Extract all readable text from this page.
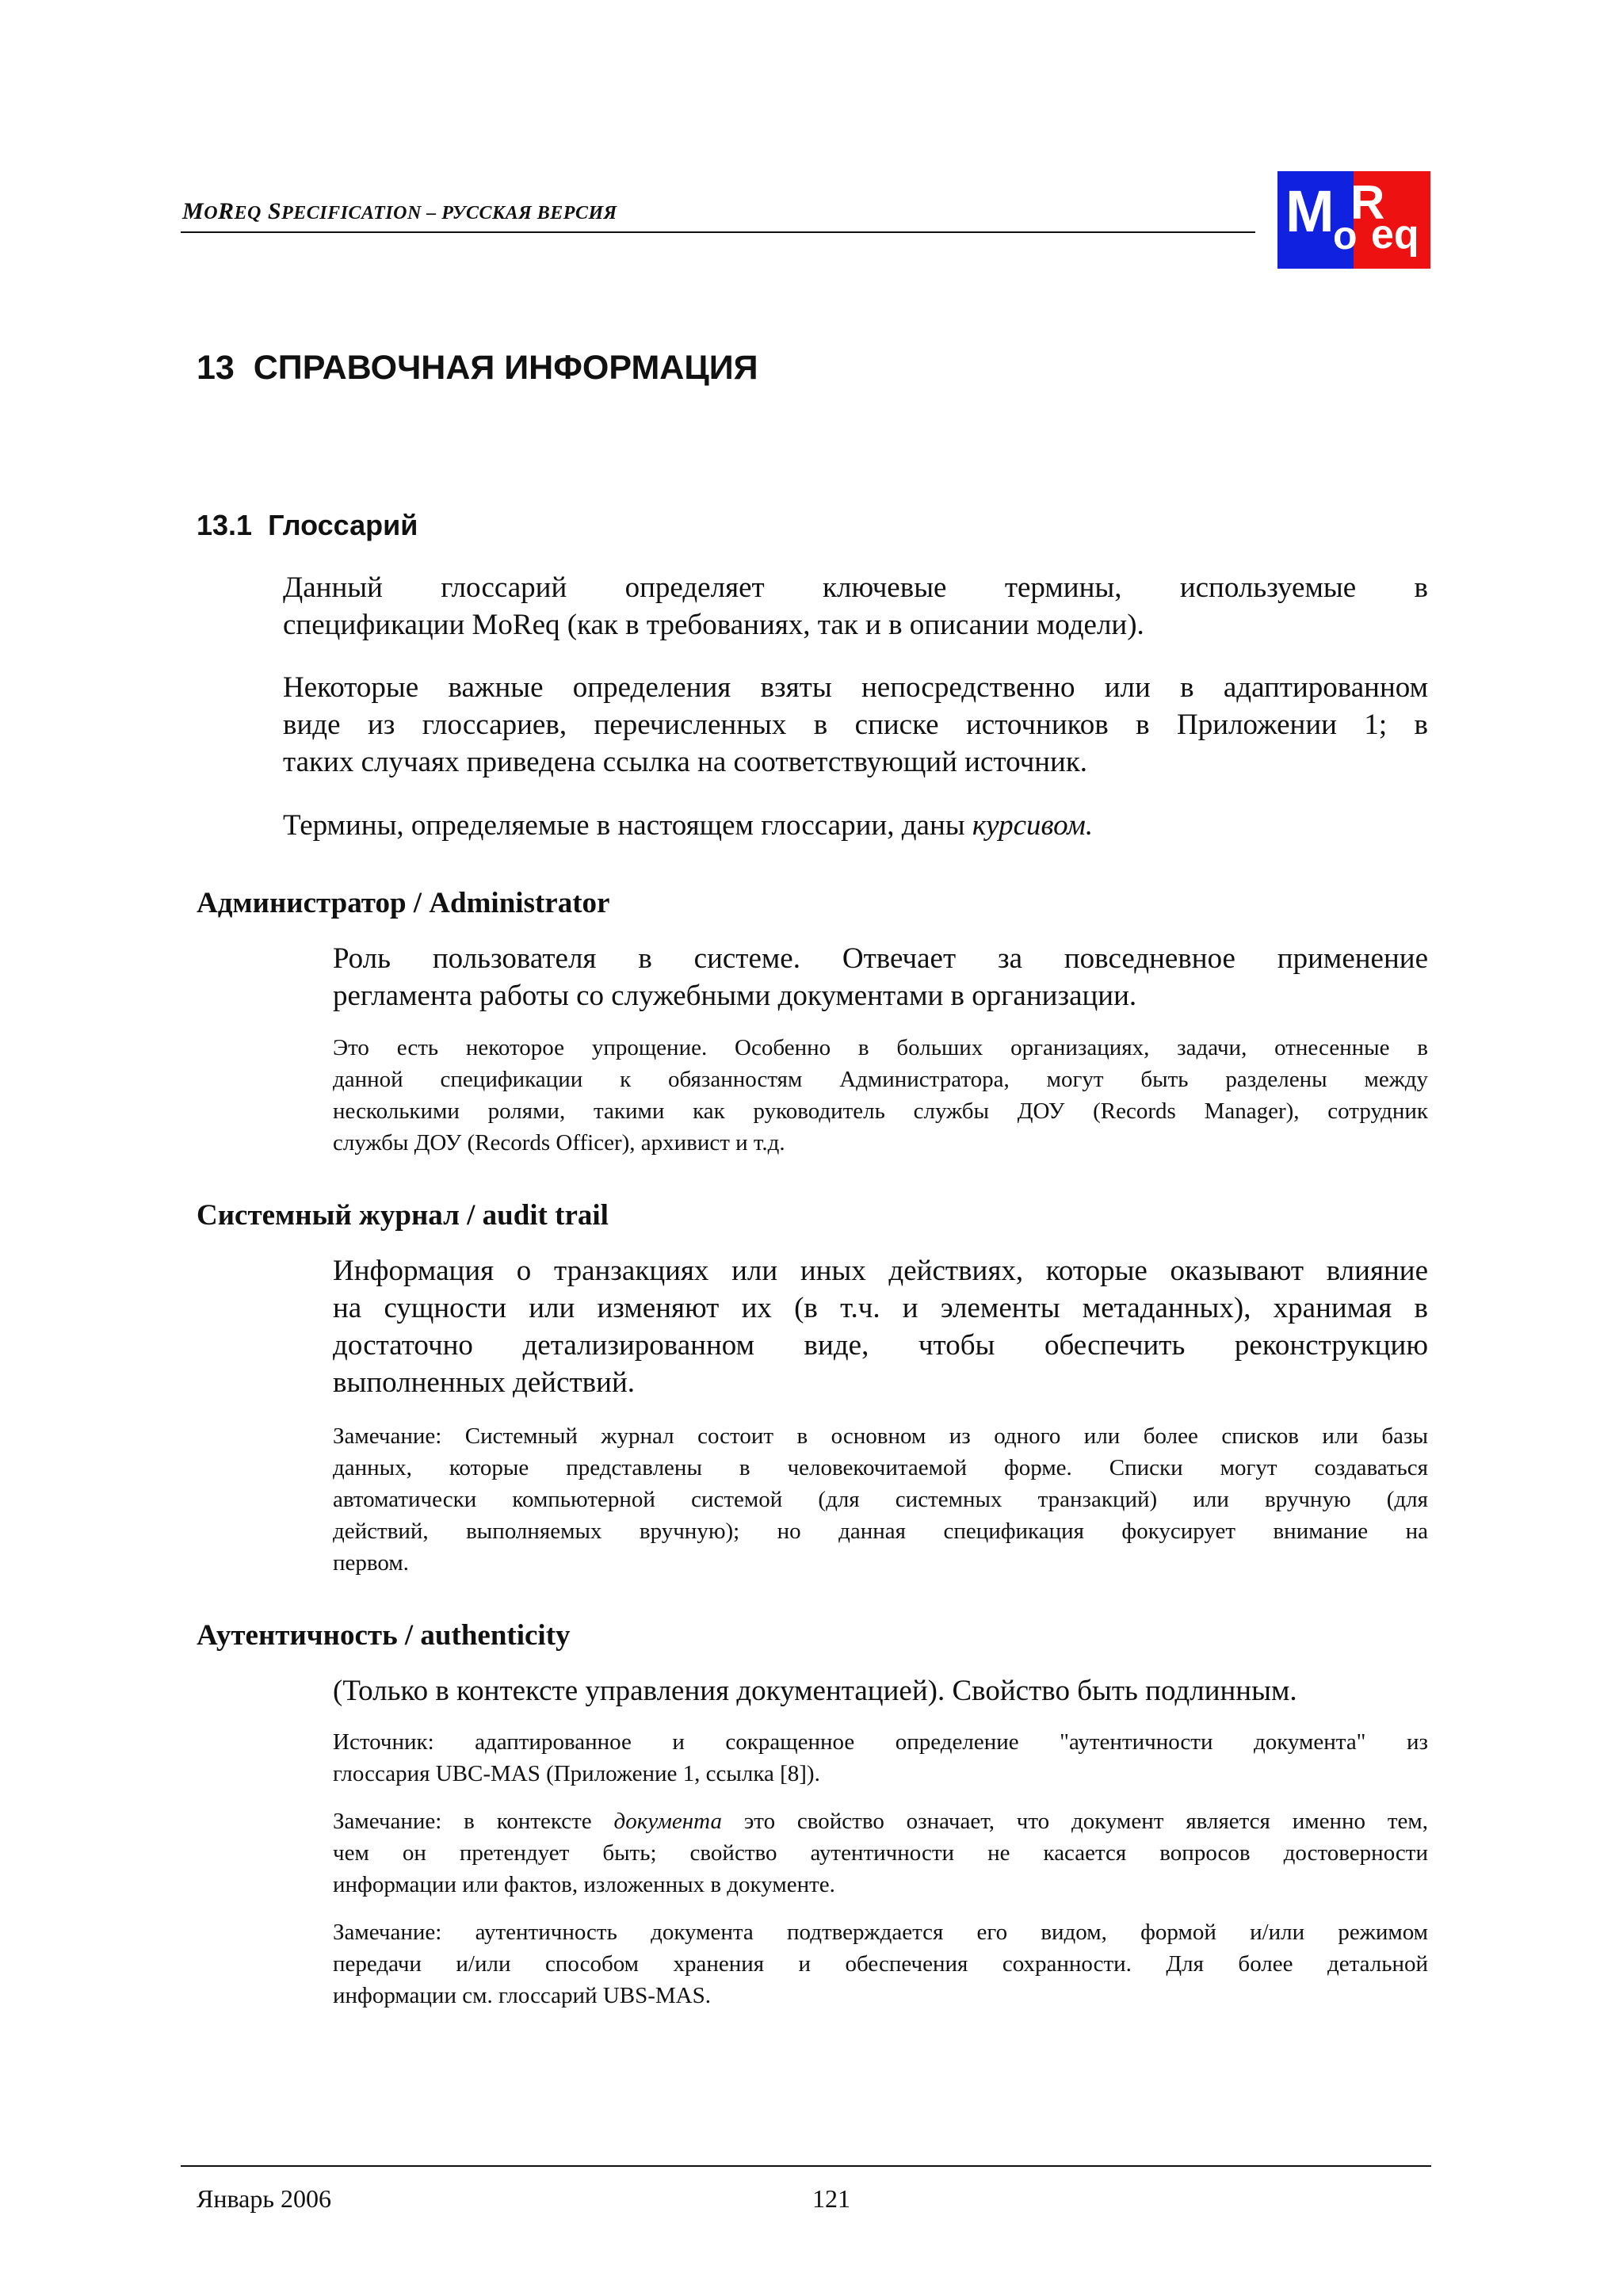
MOREQ SPECIFICATION – РУССКАЯ ВЕРСИЯ	M
o
R
eq
13 СПРАВОЧНАЯ ИНФОРМАЦИЯ
13.1 Глоссарий
Данный глоссарий определяет ключевые термины, используемые в
спецификации MoReq (как в требованиях, так и в описании модели).
Некоторые важные определения взяты непосредственно или в адаптированном
виде из глоссариев, перечисленных в списке источников в Приложении 1; в
таких случаях приведена ссылка на соответствующий источник.
Термины, определяемые в настоящем глоссарии, даны курсивом.
Администратор / Administrator
Роль пользователя в системе. Отвечает за повседневное применение
регламента работы со служебными документами в организации.
Это есть некоторое упрощение. Особенно в больших организациях, задачи, отнесенные в
данной спецификации к обязанностям Администратора, могут быть разделены между
несколькими ролями, такими как руководитель службы ДОУ (Records Manager), сотрудник
службы ДОУ (Records Officer), архивист и т.д.
Системный журнал / audit trail
Информация о транзакциях или иных действиях, которые оказывают влияние
на сущности или изменяют их (в т.ч. и элементы метаданных), хранимая в
достаточно детализированном виде, чтобы обеспечить реконструкцию
выполненных действий.
Замечание: Системный журнал состоит в основном из одного или более списков или базы
данных, которые представлены в человекочитаемой форме. Списки могут создаваться
автоматически компьютерной системой (для системных транзакций) или вручную (для
действий, выполняемых вручную); но данная спецификация фокусирует внимание на
первом.
Аутентичность / authenticity
(Только в контексте управления документацией). Свойство быть подлинным.
Источник: адаптированное и сокращенное определение "аутентичности документа" из
глоссария UBC-MAS (Приложение 1, ссылка [8]).
Замечание: в контексте документа это свойство означает, что документ является именно тем,
чем он претендует быть; свойство аутентичности не касается вопросов достоверности
информации или фактов, изложенных в документе.
Замечание: аутентичность документа подтверждается его видом, формой и/или режимом
передачи и/или способом хранения и обеспечения сохранности. Для более детальной
информации см. глоссарий UBS-MAS.
Январь 2006	121
